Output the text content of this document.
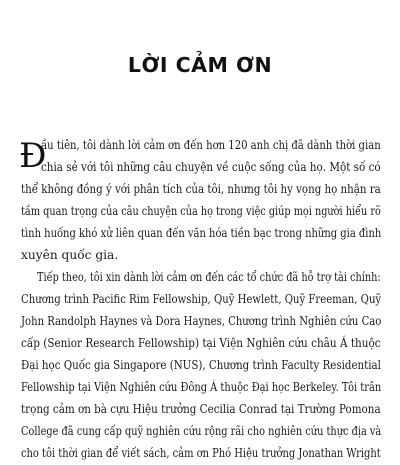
LỜI CẢM ƠN
Đ
ầu tiên, tôi dành lời cảm ơn đến hơn 120 anh chị đã dành thời gian
chia sẻ với tôi những câu chuyện về cuộc sống của họ. Một số có
thể không đồng ý với phân tích của tôi, nhưng tôi hy vọng họ nhận ra
tầm quan trọng của câu chuyện của họ trong việc giúp mọi người hiểu rõ
tình huống khó xử liên quan đến văn hóa tiền bạc trong những gia đình
xuyên quốc gia.
Tiếp theo, tôi xin dành lời cảm ơn đến các tổ chức đã hỗ trợ tài chính:
Chương trình Pacific Rim Fellowship, Quỹ Hewlett, Quỹ Freeman, Quỹ
John Randolph Haynes và Dora Haynes, Chương trình Nghiên cứu Cao
cấp (Senior Research Fellowship) tại Viện Nghiên cứu châu Á thuộc
Đại học Quốc gia Singapore (NUS), Chương trình Faculty Residential
Fellowship tại Viện Nghiên cứu Đông Á thuộc Đại học Berkeley. Tôi trân
trọng cảm ơn bà cựu Hiệu trưởng Cecilia Conrad tại Trường Pomona
College đã cung cấp quỹ nghiên cứu rộng rãi cho nghiên cứu thực địa và
cho tôi thời gian để viết sách, cảm ơn Phó Hiệu trưởng Jonathan Wright
